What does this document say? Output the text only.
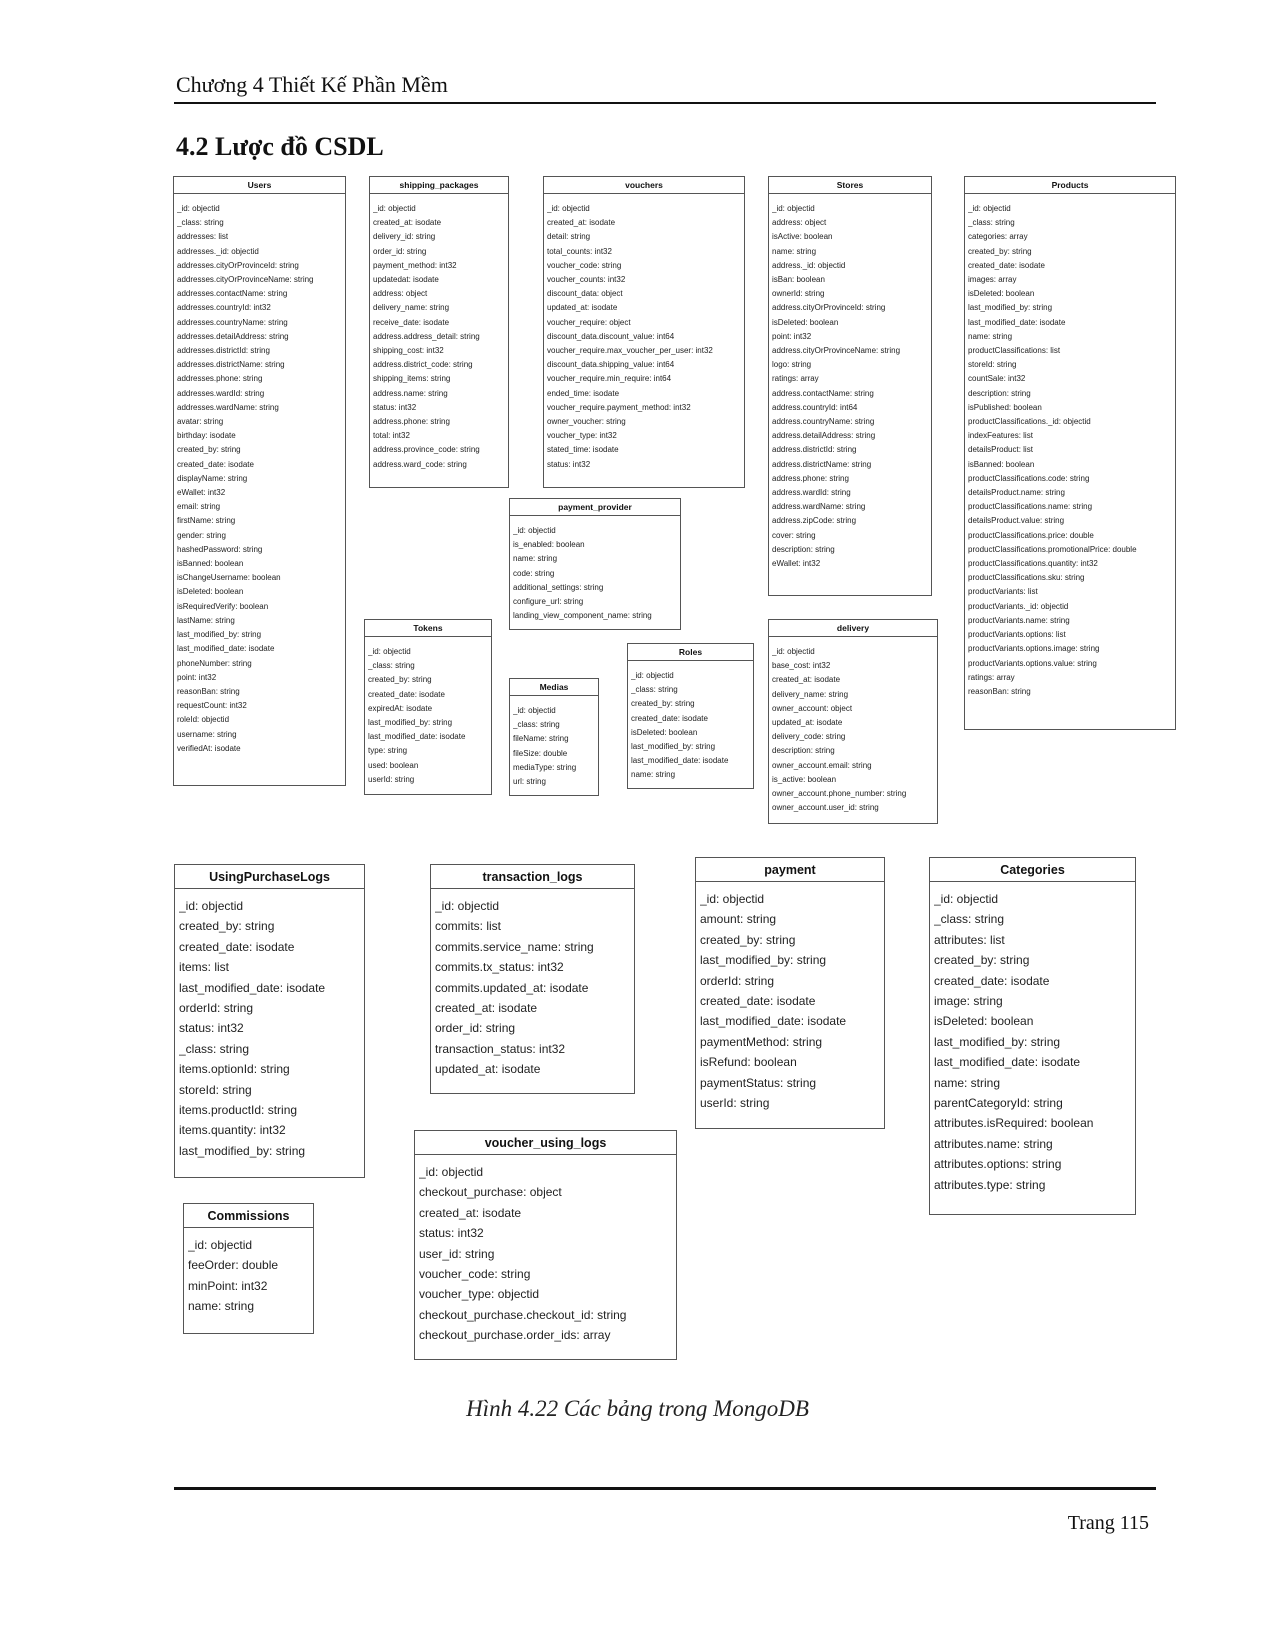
Chương 4 Thiết Kế Phần Mềm
4.2 Lược đồ CSDL
Users
_id: objectid
_class: string
addresses: list
addresses._id: objectid
addresses.cityOrProvinceId: string
addresses.cityOrProvinceName: string
addresses.contactName: string
addresses.countryId: int32
addresses.countryName: string
addresses.detailAddress: string
addresses.districtId: string
addresses.districtName: string
addresses.phone: string
addresses.wardId: string
addresses.wardName: string
avatar: string
birthday: isodate
created_by: string
created_date: isodate
displayName: string
eWallet: int32
email: string
firstName: string
gender: string
hashedPassword: string
isBanned: boolean
isChangeUsername: boolean
isDeleted: boolean
isRequiredVerify: boolean
lastName: string
last_modified_by: string
last_modified_date: isodate
phoneNumber: string
point: int32
reasonBan: string
requestCount: int32
roleId: objectid
username: string
verifiedAt: isodate
shipping_packages
_id: objectid
created_at: isodate
delivery_id: string
order_id: string
payment_method: int32
updatedat: isodate
address: object
delivery_name: string
receive_date: isodate
address.address_detail: string
shipping_cost: int32
address.district_code: string
shipping_items: string
address.name: string
status: int32
address.phone: string
total: int32
address.province_code: string
address.ward_code: string
vouchers
_id: objectid
created_at: isodate
detail: string
total_counts: int32
voucher_code: string
voucher_counts: int32
discount_data: object
updated_at: isodate
voucher_require: object
discount_data.discount_value: int64
voucher_require.max_voucher_per_user: int32
discount_data.shipping_value: int64
voucher_require.min_require: int64
ended_time: isodate
voucher_require.payment_method: int32
owner_voucher: string
voucher_type: int32
stated_time: isodate
status: int32
Stores
_id: objectid
address: object
isActive: boolean
name: string
address._id: objectid
isBan: boolean
ownerId: string
address.cityOrProvinceId: string
isDeleted: boolean
point: int32
address.cityOrProvinceName: string
logo: string
ratings: array
address.contactName: string
address.countryId: int64
address.countryName: string
address.detailAddress: string
address.districtId: string
address.districtName: string
address.phone: string
address.wardId: string
address.wardName: string
address.zipCode: string
cover: string
description: string
eWallet: int32
Products
_id: objectid
_class: string
categories: array
created_by: string
created_date: isodate
images: array
isDeleted: boolean
last_modified_by: string
last_modified_date: isodate
name: string
productClassifications: list
storeId: string
countSale: int32
description: string
isPublished: boolean
productClassifications._id: objectid
indexFeatures: list
detailsProduct: list
isBanned: boolean
productClassifications.code: string
detailsProduct.name: string
productClassifications.name: string
detailsProduct.value: string
productClassifications.price: double
productClassifications.promotionalPrice: double
productClassifications.quantity: int32
productClassifications.sku: string
productVariants: list
productVariants._id: objectid
productVariants.name: string
productVariants.options: list
productVariants.options.image: string
productVariants.options.value: string
ratings: array
reasonBan: string
payment_provider
_id: objectid
is_enabled: boolean
name: string
code: string
additional_settings: string
configure_url: string
landing_view_component_name: string
Tokens
_id: objectid
_class: string
created_by: string
created_date: isodate
expiredAt: isodate
last_modified_by: string
last_modified_date: isodate
type: string
used: boolean
userId: string
Medias
_id: objectid
_class: string
fileName: string
fileSize: double
mediaType: string
url: string
Roles
_id: objectid
_class: string
created_by: string
created_date: isodate
isDeleted: boolean
last_modified_by: string
last_modified_date: isodate
name: string
delivery
_id: objectid
base_cost: int32
created_at: isodate
delivery_name: string
owner_account: object
updated_at: isodate
delivery_code: string
description: string
owner_account.email: string
is_active: boolean
owner_account.phone_number: string
owner_account.user_id: string
UsingPurchaseLogs
_id: objectid
created_by: string
created_date: isodate
items: list
last_modified_date: isodate
orderId: string
status: int32
_class: string
items.optionId: string
storeId: string
items.productId: string
items.quantity: int32
last_modified_by: string
transaction_logs
_id: objectid
commits: list
commits.service_name: string
commits.tx_status: int32
commits.updated_at: isodate
created_at: isodate
order_id: string
transaction_status: int32
updated_at: isodate
payment
_id: objectid
amount: string
created_by: string
last_modified_by: string
orderId: string
created_date: isodate
last_modified_date: isodate
paymentMethod: string
isRefund: boolean
paymentStatus: string
userId: string
Categories
_id: objectid
_class: string
attributes: list
created_by: string
created_date: isodate
image: string
isDeleted: boolean
last_modified_by: string
last_modified_date: isodate
name: string
parentCategoryId: string
attributes.isRequired: boolean
attributes.name: string
attributes.options: string
attributes.type: string
Commissions
_id: objectid
feeOrder: double
minPoint: int32
name: string
voucher_using_logs
_id: objectid
checkout_purchase: object
created_at: isodate
status: int32
user_id: string
voucher_code: string
voucher_type: objectid
checkout_purchase.checkout_id: string
checkout_purchase.order_ids: array
Hình 4.22 Các bảng trong MongoDB
Trang 115
